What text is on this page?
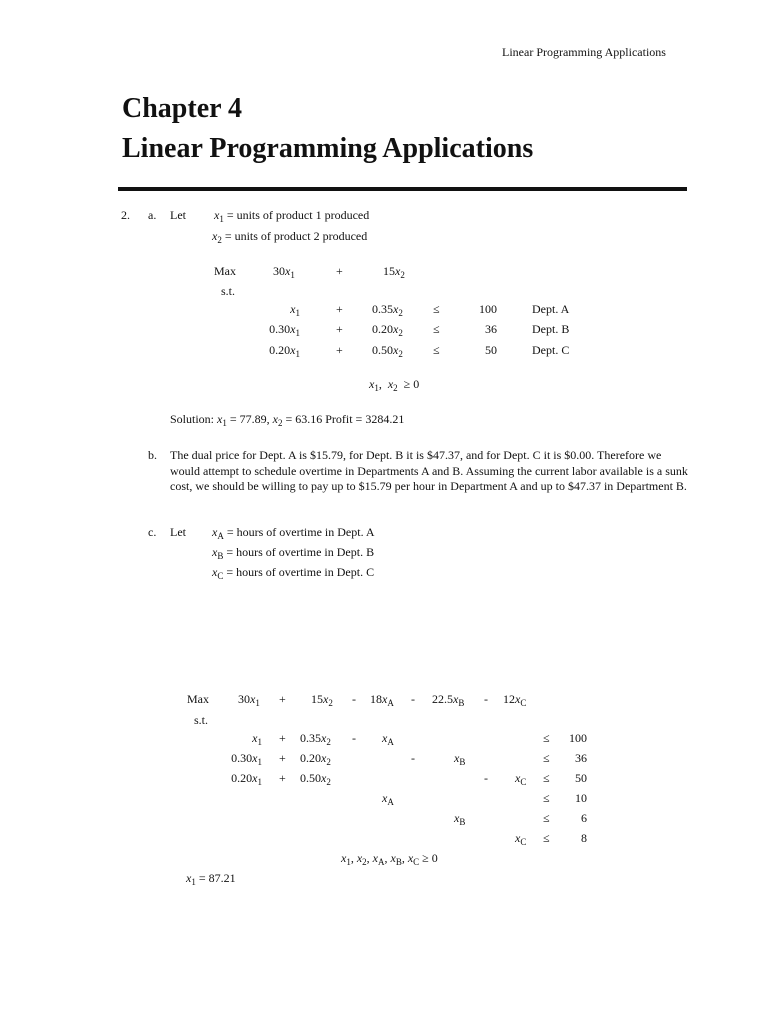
Linear Programming Applications
Chapter 4
Linear Programming Applications
2. a. Let $x_1$ = units of product 1 produced
$x_2$ = units of product 2 produced
Max	$30x_1$	+	$15x_2$
s.t.
$x_1$	+ $0.35x_2$	≤	100	Dept. A
$0.30x_1$	+ $0.20x_2$	≤	36	Dept. B
$0.20x_1$	+ $0.50x_2$	≤	50	Dept. C
$x_1$,  $x_2 \ge 0$
Solution: $x_1 = 77.89$, $x_2 = 63.16$ Profit = 3284.21
b. The dual price for Dept. A is $15.79, for Dept. B it is $47.37, and for Dept. C it is $0.00. Therefore we would attempt to schedule overtime in Departments A and B. Assuming the current labor available is a sunk cost, we should be willing to pay up to $15.79 per hour in Department A and up to $47.37 in Department B.
c. Let $x_A$ = hours of overtime in Dept. A
$x_B$ = hours of overtime in Dept. B
$x_C$ = hours of overtime in Dept. C
Max $30x_1 + 15x_2 - 18x_A - 22.5x_B - 12x_C$
s.t.
$x_1 + 0.35x_2 - x_A$	≤	100
$0.30x_1 + 0.20x_2$	-	$x_B$	≤	36
$0.20x_1 + 0.50x_2$	- $x_C$ ≤	50
$x_A$	≤	10
$x_B$	≤	6
$x_C$ ≤	8
$x_1$, $x_2$, $x_A$, $x_B$, $x_C \ge 0$
$x_1 = 87.21$
